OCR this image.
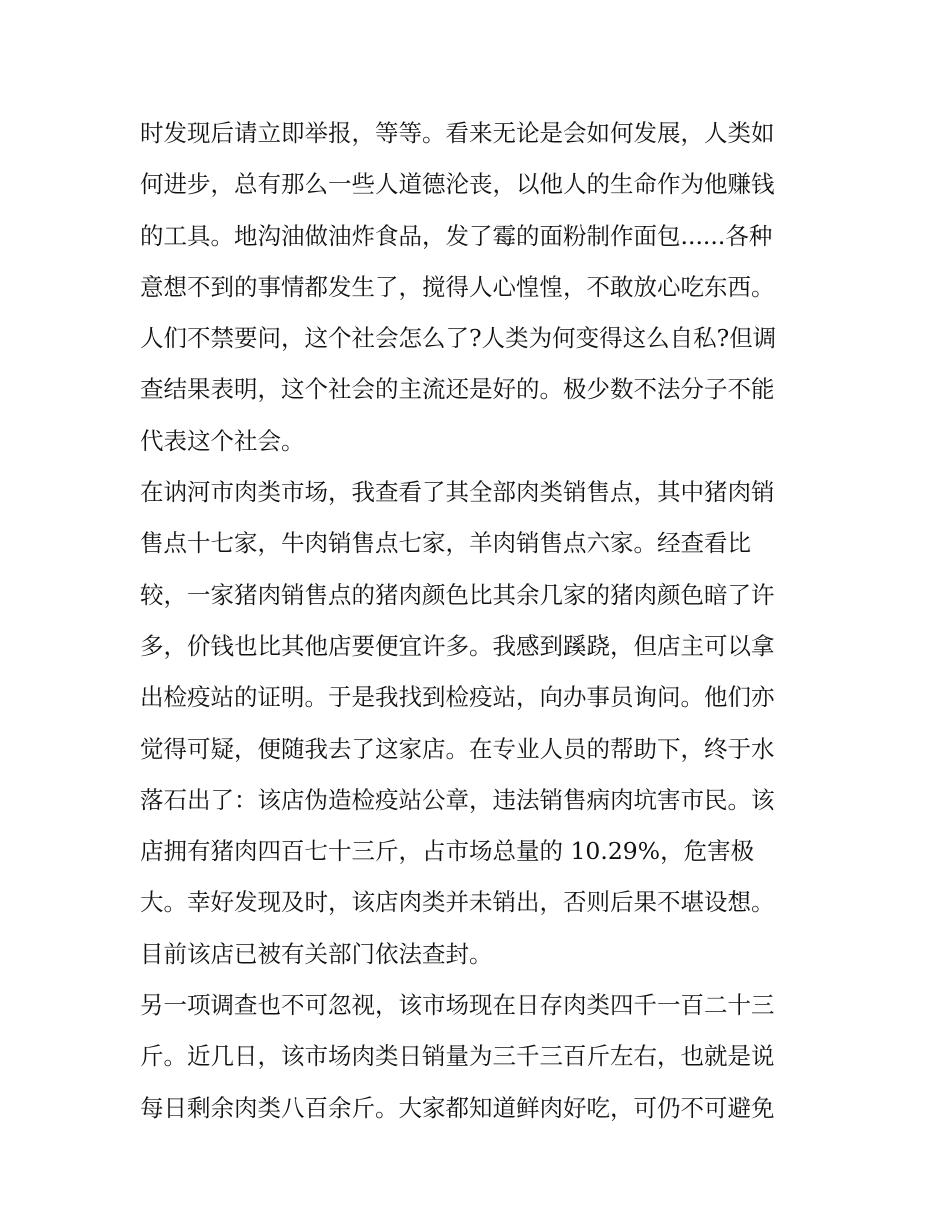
时发现后请立即举报，等等。看来无论是会如何发展，人类如
何进步，总有那么一些人道德沦丧，以他人的生命作为他赚钱
的工具。地沟油做油炸食品，发了霉的面粉制作面包......各种
意想不到的事情都发生了，搅得人心惶惶，不敢放心吃东西。
人们不禁要问，这个社会怎么了?人类为何变得这么自私?但调
查结果表明，这个社会的主流还是好的。极少数不法分子不能
代表这个社会。
在讷河市肉类市场，我查看了其全部肉类销售点，其中猪肉销
售点十七家，牛肉销售点七家，羊肉销售点六家。经查看比
较，一家猪肉销售点的猪肉颜色比其余几家的猪肉颜色暗了许
多，价钱也比其他店要便宜许多。我感到蹊跷，但店主可以拿
出检疫站的证明。于是我找到检疫站，向办事员询问。他们亦
觉得可疑，便随我去了这家店。在专业人员的帮助下，终于水
落石出了：该店伪造检疫站公章，违法销售病肉坑害市民。该
店拥有猪肉四百七十三斤，占市场总量的 10.29%，危害极
大。幸好发现及时，该店肉类并未销出，否则后果不堪设想。
目前该店已被有关部门依法查封。
另一项调查也不可忽视，该市场现在日存肉类四千一百二十三
斤。近几日，该市场肉类日销量为三千三百斤左右，也就是说
每日剩余肉类八百余斤。大家都知道鲜肉好吃，可仍不可避免
